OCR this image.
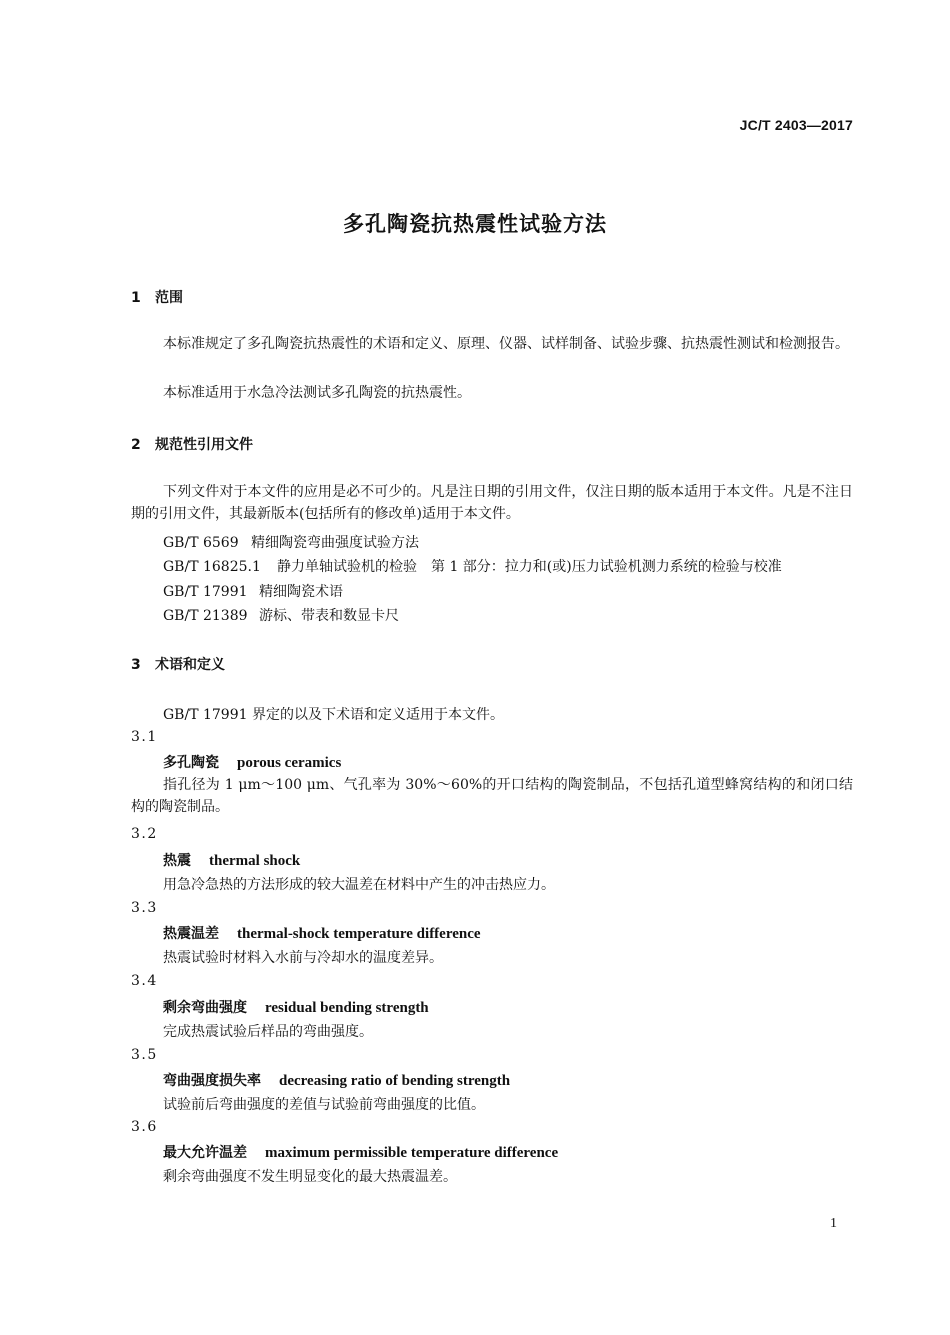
JC/T 2403—2017
多孔陶瓷抗热震性试验方法
1 范围
本标准规定了多孔陶瓷抗热震性的术语和定义、原理、仪器、试样制备、试验步骤、抗热震性测试和检测报告。
本标准适用于水急冷法测试多孔陶瓷的抗热震性。
2 规范性引用文件
下列文件对于本文件的应用是必不可少的。凡是注日期的引用文件，仅注日期的版本适用于本文件。凡是不注日期的引用文件，其最新版本(包括所有的修改单)适用于本文件。
GB/T 6569 精细陶瓷弯曲强度试验方法
GB/T 16825.1 静力单轴试验机的检验　第 1 部分：拉力和(或)压力试验机测力系统的检验与校准
GB/T 17991 精细陶瓷术语
GB/T 21389 游标、带表和数显卡尺
3 术语和定义
GB/T 17991 界定的以及下术语和定义适用于本文件。
3.1
多孔陶瓷 porous ceramics
指孔径为 1 μm～100 μm、气孔率为 30%～60%的开口结构的陶瓷制品，不包括孔道型蜂窝结构的和闭口结构的陶瓷制品。
3.2
热震 thermal shock
用急冷急热的方法形成的较大温差在材料中产生的冲击热应力。
3.3
热震温差 thermal-shock temperature difference
热震试验时材料入水前与冷却水的温度差异。
3.4
剩余弯曲强度 residual bending strength
完成热震试验后样品的弯曲强度。
3.5
弯曲强度损失率 decreasing ratio of bending strength
试验前后弯曲强度的差值与试验前弯曲强度的比值。
3.6
最大允许温差 maximum permissible temperature difference
剩余弯曲强度不发生明显变化的最大热震温差。
1
